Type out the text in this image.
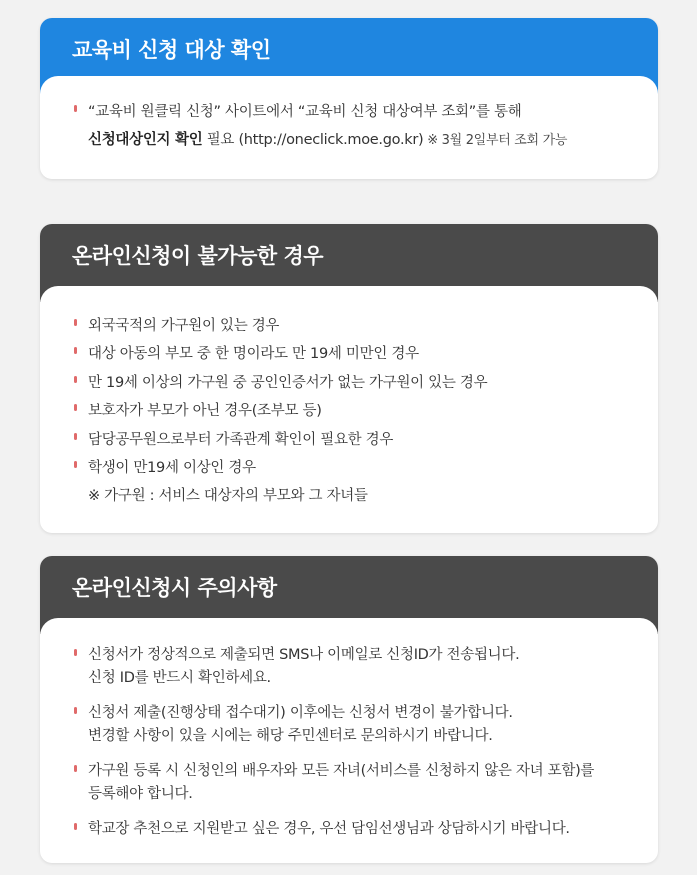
교육비 신청 대상 확인
“교육비 원클릭 신청” 사이트에서 “교육비 신청 대상여부 조회”를 통해
신청대상인지 확인 필요 (http://oneclick.moe.go.kr) ※ 3월 2일부터 조회 가능
온라인신청이 불가능한 경우
외국국적의 가구원이 있는 경우
대상 아동의 부모 중 한 명이라도 만 19세 미만인 경우
만 19세 이상의 가구원 중 공인인증서가 없는 가구원이 있는 경우
보호자가 부모가 아닌 경우(조부모 등)
담당공무원으로부터 가족관계 확인이 필요한 경우
학생이 만19세 이상인 경우
※ 가구원 : 서비스 대상자의 부모와 그 자녀들
온라인신청시 주의사항
신청서가 정상적으로 제출되면 SMS나 이메일로 신청ID가 전송됩니다.
신청 ID를 반드시 확인하세요.
신청서 제출(진행상태 접수대기) 이후에는 신청서 변경이 불가합니다.
변경할 사항이 있을 시에는 해당 주민센터로 문의하시기 바랍니다.
가구원 등록 시 신청인의 배우자와 모든 자녀(서비스를 신청하지 않은 자녀 포함)를
등록해야 합니다.
학교장 추천으로 지원받고 싶은 경우, 우선 담임선생님과 상담하시기 바랍니다.
